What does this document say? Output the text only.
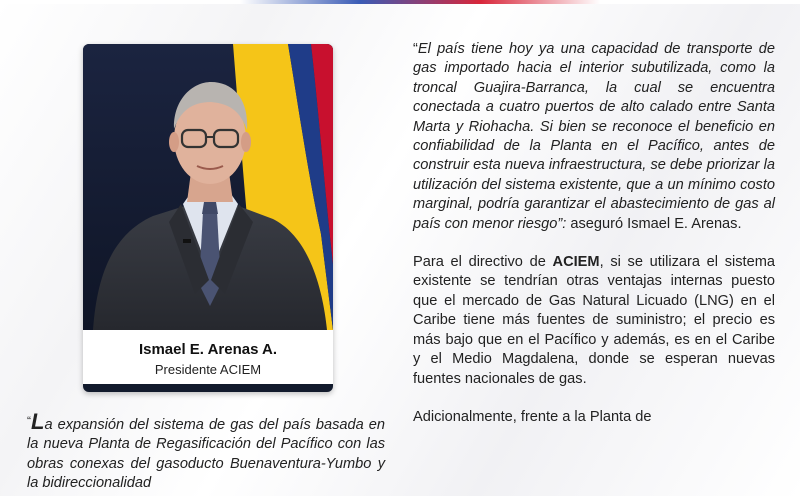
Ismael E. Arenas A.
Presidente ACIEM

“El país tiene hoy ya una capacidad de transporte de gas importado hacia el interior subutilizada, como la troncal Guajira-Barranca, la cual se encuentra conectada a cuatro puertos de alto calado entre Santa Marta y Riohacha. Si bien se reconoce el beneficio en confiabilidad de la Planta en el Pacífico, antes de construir esta nueva infraestructura, se debe priorizar la utilización del sistema existente, que a un mínimo costo marginal, podría garantizar el abastecimiento de gas al país con menor riesgo”: aseguró Ismael E. Arenas.

Para el directivo de ACIEM, si se utilizara el sistema existente se tendrían otras ventajas internas puesto que el mercado de Gas Natural Licuado (LNG) en el Caribe tiene más fuentes de suministro; el precio es más bajo que en el Pacífico y además, es en el Caribe y el Medio Magdalena, donde se esperan nuevas fuentes nacionales de gas.

Adicionalmente, frente a la Planta de

“La expansión del sistema de gas del país basada en la nueva Planta de Regasificación del Pacífico con las obras conexas del gasoducto Buenaventura-Yumbo y la bidireccionalidad
